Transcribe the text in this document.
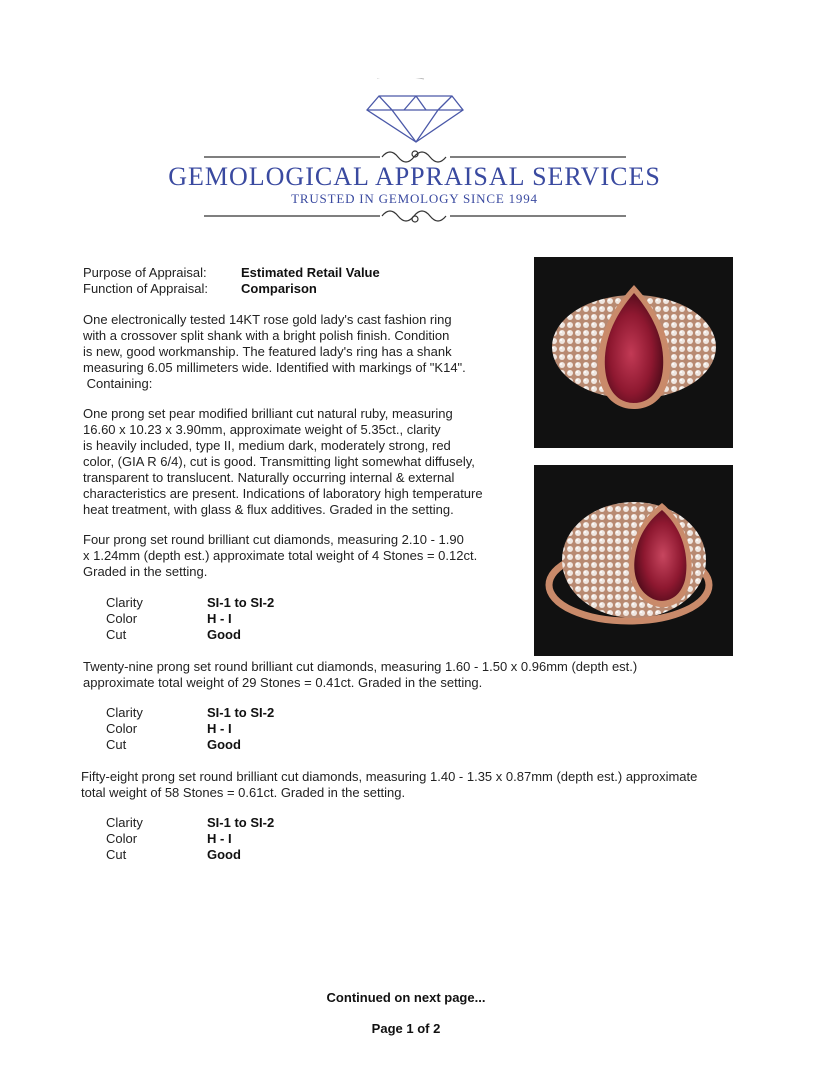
GEMOLOGICAL APPRAISAL SERVICES
TRUSTED IN GEMOLOGY SINCE 1994
Purpose of Appraisal:	Estimated Retail Value
Function of Appraisal:	Comparison
One electronically tested 14KT rose gold lady's cast fashion ring
with a crossover split shank with a bright polish finish. Condition
is new, good workmanship. The featured lady's ring has a shank
measuring 6.05 millimeters wide. Identified with markings of "K14".
Containing:
One prong set pear modified brilliant cut natural ruby, measuring
16.60 x 10.23 x 3.90mm, approximate weight of 5.35ct., clarity
is heavily included, type II, medium dark, moderately strong, red
color, (GIA R 6/4), cut is good. Transmitting light somewhat diffusely,
transparent to translucent. Naturally occurring internal & external
characteristics are present. Indications of laboratory high temperature
heat treatment, with glass & flux additives. Graded in the setting.
Four prong set round brilliant cut diamonds, measuring 2.10 - 1.90
x 1.24mm (depth est.) approximate total weight of 4 Stones = 0.12ct.
Graded in the setting.
Clarity	SI-1 to SI-2
Color	H - I
Cut	Good
Twenty-nine prong set round brilliant cut diamonds, measuring 1.60 - 1.50 x 0.96mm (depth est.)
approximate total weight of 29 Stones = 0.41ct. Graded in the setting.
Clarity	SI-1 to SI-2
Color	H - I
Cut	Good
Fifty-eight prong set round brilliant cut diamonds, measuring 1.40 - 1.35 x 0.87mm (depth est.) approximate
total weight of 58 Stones = 0.61ct. Graded in the setting.
Clarity	SI-1 to SI-2
Color	H - I
Cut	Good
Continued on next page...
Page 1 of 2
